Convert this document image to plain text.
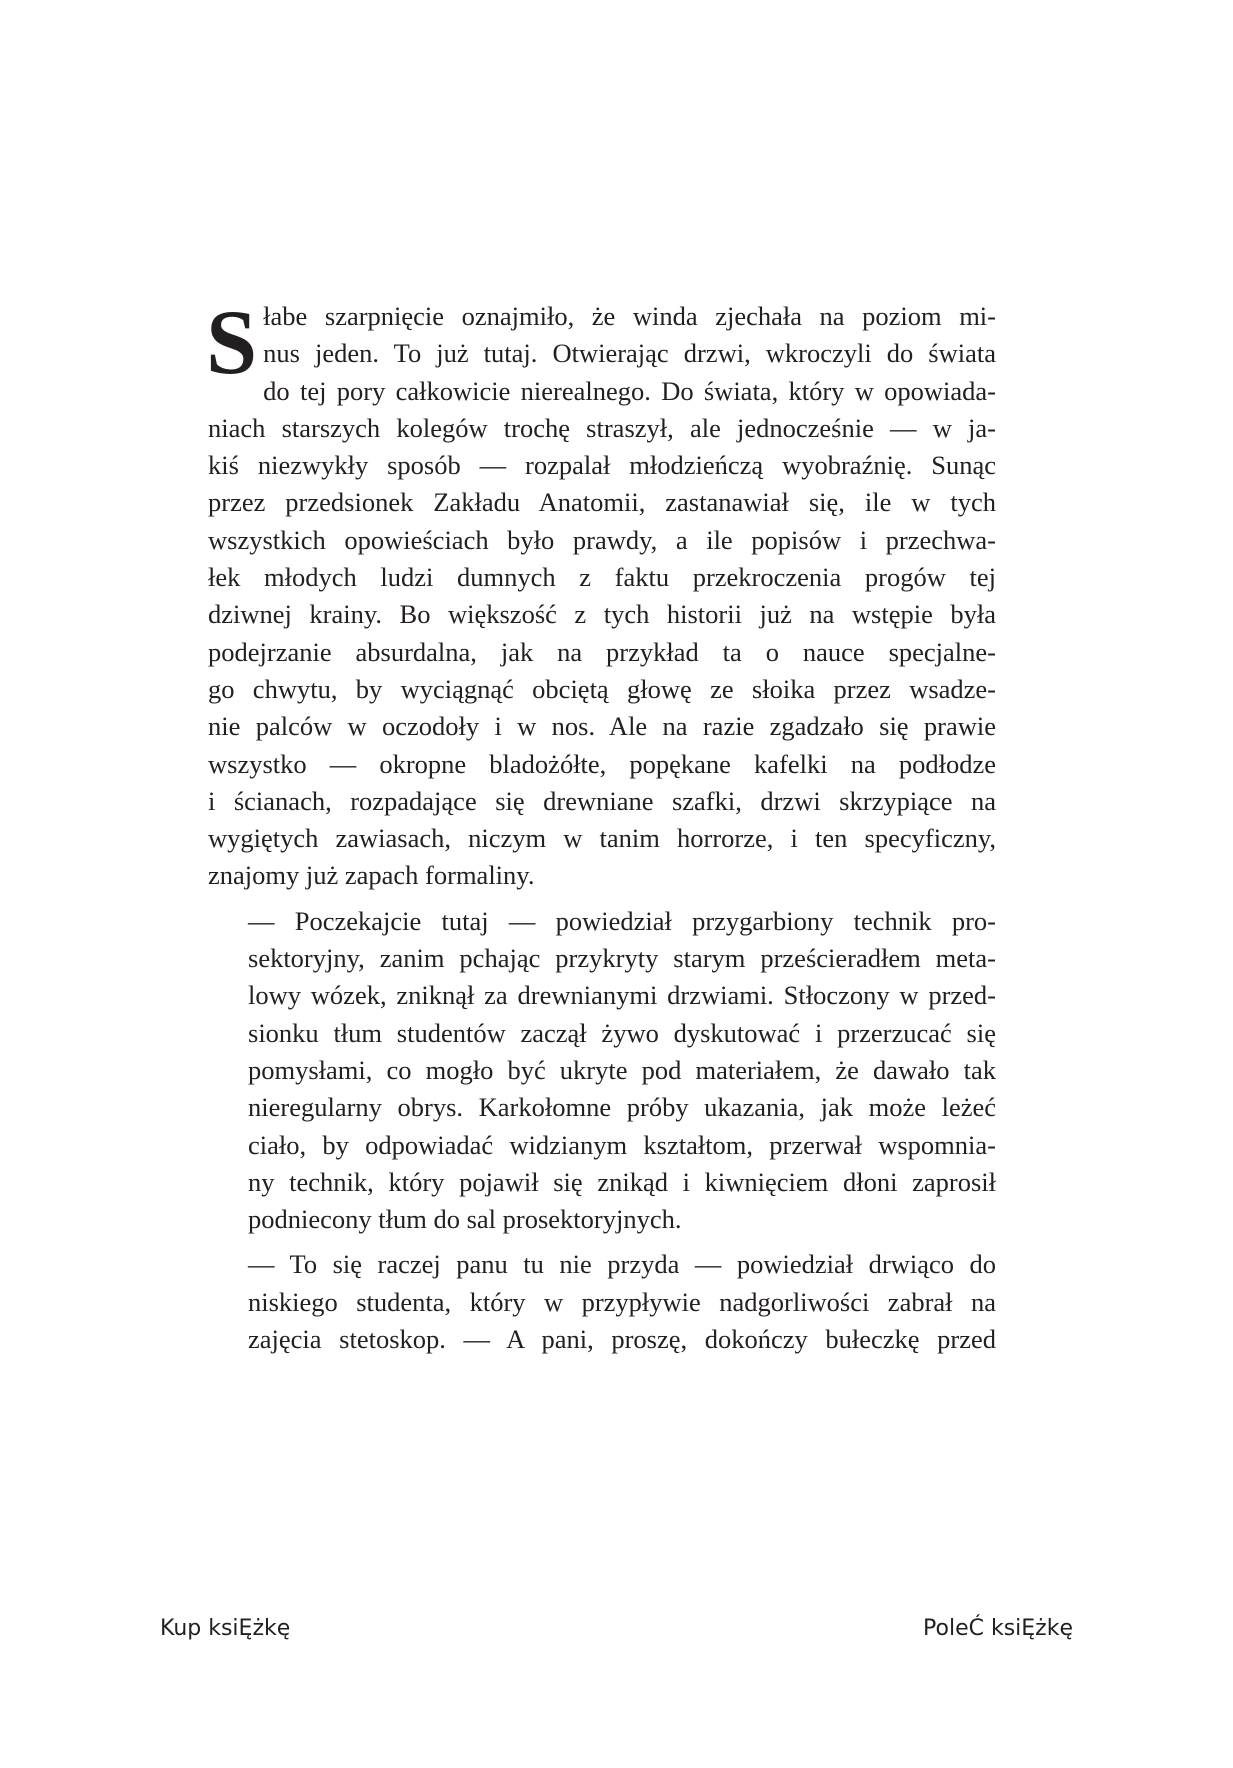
S łabe szarpnięcie oznajmiło, że winda zjechała na poziom mi-
nus jeden. To już tutaj. Otwierając drzwi, wkroczyli do świata
do tej pory całkowicie nierealnego. Do świata, który w opowiada-
niach starszych kolegów trochę straszył, ale jednocześnie — w ja-
kiś niezwykły sposób — rozpalał młodzieńczą wyobraźnię. Sunąc
przez przedsionek Zakładu Anatomii, zastanawiał się, ile w tych
wszystkich opowieściach było prawdy, a ile popisów i przechwa-
łek młodych ludzi dumnych z faktu przekroczenia progów tej
dziwnej krainy. Bo większość z tych historii już na wstępie była
podejrzanie absurdalna, jak na przykład ta o nauce specjalne-
go chwytu, by wyciągnąć obciętą głowę ze słoika przez wsadze-
nie palców w oczodoły i w nos. Ale na razie zgadzało się prawie
wszystko — okropne bladożółte, popękane kafelki na podłodze
i ścianach, rozpadające się drewniane szafki, drzwi skrzypiące na
wygiętych zawiasach, niczym w tanim horrorze, i ten specyficzny,
znajomy już zapach formaliny.

— Poczekajcie tutaj — powiedział przygarbiony technik pro-
sektoryjny, zanim pchając przykryty starym prześcieradłem meta-
lowy wózek, zniknął za drewnianymi drzwiami. Stłoczony w przed-
sionku tłum studentów zaczął żywo dyskutować i przerzucać się
pomysłami, co mogło być ukryte pod materiałem, że dawało tak
nieregularny obrys. Karkołomne próby ukazania, jak może leżeć
ciało, by odpowiadać widzianym kształtom, przerwał wspomnia-
ny technik, który pojawił się znikąd i kiwnięciem dłoni zaprosił
podniecony tłum do sal prosektoryjnych.

— To się raczej panu tu nie przyda — powiedział drwiąco do
niskiego studenta, który w przypływie nadgorliwości zabrał na
zajęcia stetoskop. — A pani, proszę, dokończy bułeczkę przed

Kup ksiĘżkę	PoleĆ ksiĘżkę
